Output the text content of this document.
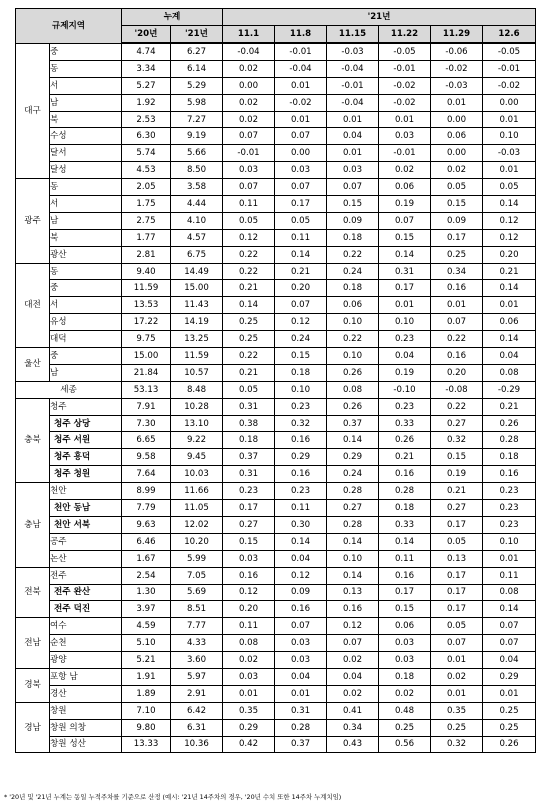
규제지역		누계		'21년					
		'20년	'21년	11.1	11.8	11.15	11.22	11.29	12.6
대구	중	4.74	6.27	-0.04	-0.01	-0.03	-0.05	-0.06	-0.05
	동	3.34	6.14	0.02	-0.04	-0.04	-0.01	-0.02	-0.01
	서	5.27	5.29	0.00	0.01	-0.01	-0.02	-0.03	-0.02
	남	1.92	5.98	0.02	-0.02	-0.04	-0.02	0.01	0.00
	북	2.53	7.27	0.02	0.01	0.01	0.01	0.00	0.01
	수성	6.30	9.19	0.07	0.07	0.04	0.03	0.06	0.10
	달서	5.74	5.66	-0.01	0.00	0.01	-0.01	0.00	-0.03
	달성	4.53	8.50	0.03	0.03	0.03	0.02	0.02	0.01
광주	동	2.05	3.58	0.07	0.07	0.07	0.06	0.05	0.05
	서	1.75	4.44	0.11	0.17	0.15	0.19	0.15	0.14
	남	2.75	4.10	0.05	0.05	0.09	0.07	0.09	0.12
	북	1.77	4.57	0.12	0.11	0.18	0.15	0.17	0.12
	광산	2.81	6.75	0.22	0.14	0.22	0.14	0.25	0.20
대전	동	9.40	14.49	0.22	0.21	0.24	0.31	0.34	0.21
	중	11.59	15.00	0.21	0.20	0.18	0.17	0.16	0.14
	서	13.53	11.43	0.14	0.07	0.06	0.01	0.01	0.01
	유성	17.22	14.19	0.25	0.12	0.10	0.10	0.07	0.06
	대덕	9.75	13.25	0.25	0.24	0.22	0.23	0.22	0.14
울산	중	15.00	11.59	0.22	0.15	0.10	0.04	0.16	0.04
	남	21.84	10.57	0.21	0.18	0.26	0.19	0.20	0.08
세종		53.13	8.48	0.05	0.10	0.08	-0.10	-0.08	-0.29
충북	청주	7.91	10.28	0.31	0.23	0.26	0.23	0.22	0.21
	청주 상당	7.30	13.10	0.38	0.32	0.37	0.33	0.27	0.26
	청주 서원	6.65	9.22	0.18	0.16	0.14	0.26	0.32	0.28
	청주 흥덕	9.58	9.45	0.37	0.29	0.29	0.21	0.15	0.18
	청주 청원	7.64	10.03	0.31	0.16	0.24	0.16	0.19	0.16
충남	천안	8.99	11.66	0.23	0.23	0.28	0.28	0.21	0.23
	천안 동남	7.79	11.05	0.17	0.11	0.27	0.18	0.27	0.23
	천안 서북	9.63	12.02	0.27	0.30	0.28	0.33	0.17	0.23
	공주	6.46	10.20	0.15	0.14	0.14	0.14	0.05	0.10
	논산	1.67	5.99	0.03	0.04	0.10	0.11	0.13	0.01
전북	전주	2.54	7.05	0.16	0.12	0.14	0.16	0.17	0.11
	전주 완산	1.30	5.69	0.12	0.09	0.13	0.17	0.17	0.08
	전주 덕진	3.97	8.51	0.20	0.16	0.16	0.15	0.17	0.14
전남	여수	4.59	7.77	0.11	0.07	0.12	0.06	0.05	0.07
	순천	5.10	4.33	0.08	0.03	0.07	0.03	0.07	0.07
	광양	5.21	3.60	0.02	0.03	0.02	0.03	0.01	0.04
경북	포항 남	1.91	5.97	0.03	0.04	0.04	0.18	0.02	0.29
	경산	1.89	2.91	0.01	0.01	0.02	0.02	0.01	0.01
경남	창원	7.10	6.42	0.35	0.31	0.41	0.48	0.35	0.25
	창원 의창	9.80	6.31	0.29	0.28	0.34	0.25	0.25	0.25
	창원 성산	13.33	10.36	0.42	0.37	0.43	0.56	0.32	0.26
* '20년 및 '21년 누계는 동일 누적주차를 기준으로 산정 (예시: '21년 14주차의 경우, '20년 수치 또한 14주차 누계치임)
